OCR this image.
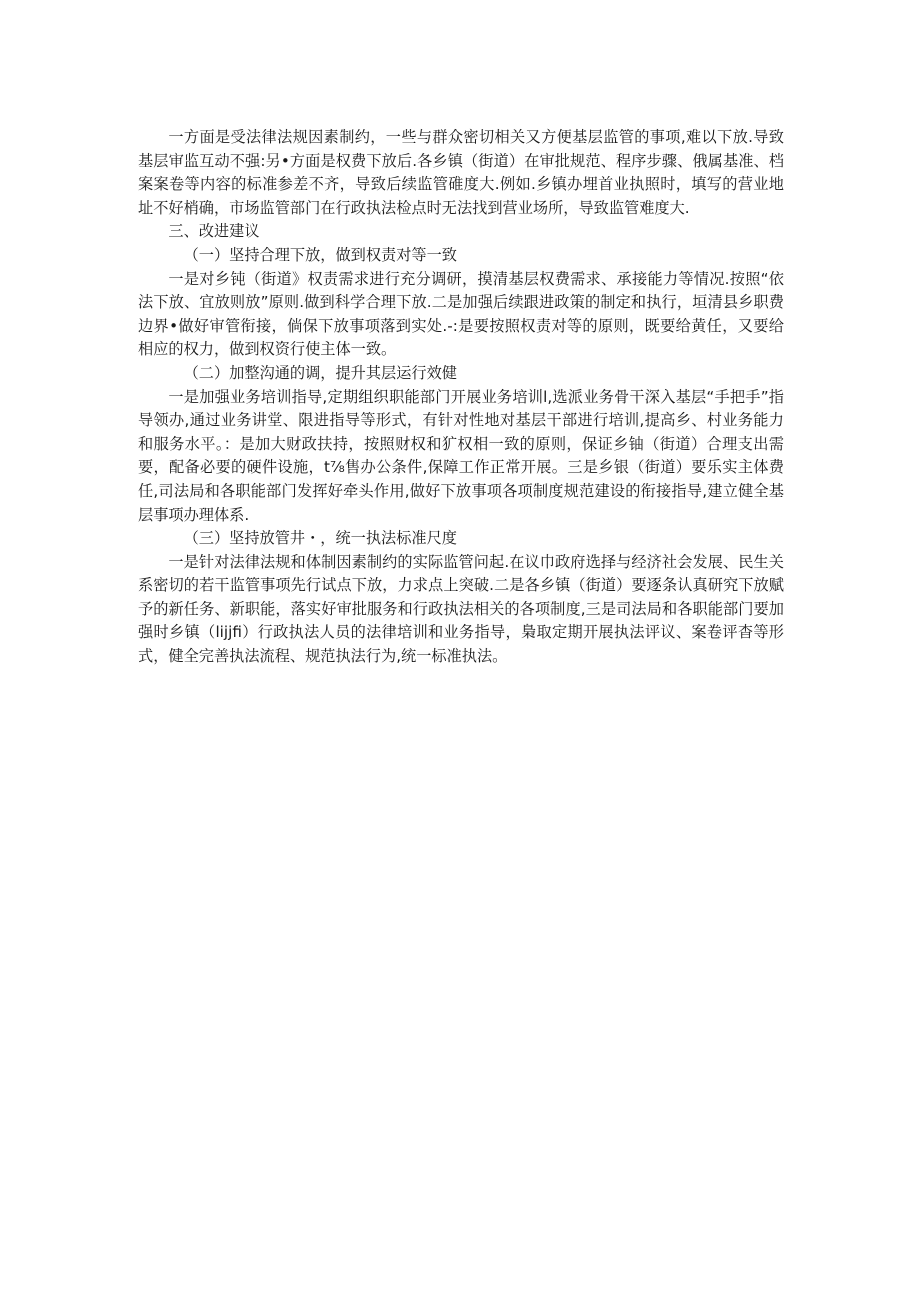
一方面是受法律法规因素制约，一些与群众密切相关又方便基层监管的事项,难以下放.导致基层审监互动不强:另•方面是权费下放后.各乡镇（街道）在审批规范、程序步骤、俄属基准、档案案卷等内容的标准参差不齐，导致后续监管碓度大.例如.乡镇办埋首业执照时，填写的营业地址不好梢确，市场监管部门在行政执法检点时无法找到营业场所，导致监管难度大.

三、改进建议

（一）坚持合理下放，做到权责对等一致

一是对乡钝（街道》权责需求进行充分调研，摸清基层权费需求、承接能力等情况.按照“依法下放、宜放则放”原则.做到科学合理下放.二是加强后续跟进政策的制定和执行，垣清县乡职费边界•做好审管衔接，倘保下放事项落到实处.-:是要按照权责对等的原则，既要给黄任，又要给相应的权力，做到权资行使主体一致。

（二）加整沟通的调，提升其层运行效健

一是加强业务培训指导,定期组织职能部门开展业务培训l,选派业务骨干深入基层“手把手”指导领办,通过业务讲堂、限进指导等形式，有针对性地对基层干部进行培训,提高乡、村业务能力和服务水平。：是加大财政扶持，按照财权和犷权相一致的原则，保证乡铀（街道）合理支出需要，配备必要的硬件设施，t⅞售办公条件,保障工作正常开展。三是乡银（街道）要乐实主体费任,司法局和各职能部门发挥好牵头作用,做好下放事项各项制度规范建设的衔接指导,建立健全基层事项办理体系.

（三）坚持放管井・，统一执法标准尺度

一是针对法律法规和体制因素制约的实际监管问起.在议巾政府选择与经济社会发展、民生关系密切的若干监管事项先行试点下放，力求点上突破.二是各乡镇（街道）要逐条认真研究下放赋予的新任务、新职能，落实好审批服务和行政执法相关的各项制度,三是司法局和各职能部门要加强时乡镇（lijjfi）行政执法人员的法律培训和业务指导，梟取定期开展执法评议、案卷评杳等形式，健全完善执法流程、规范执法行为,统一标准执法。
